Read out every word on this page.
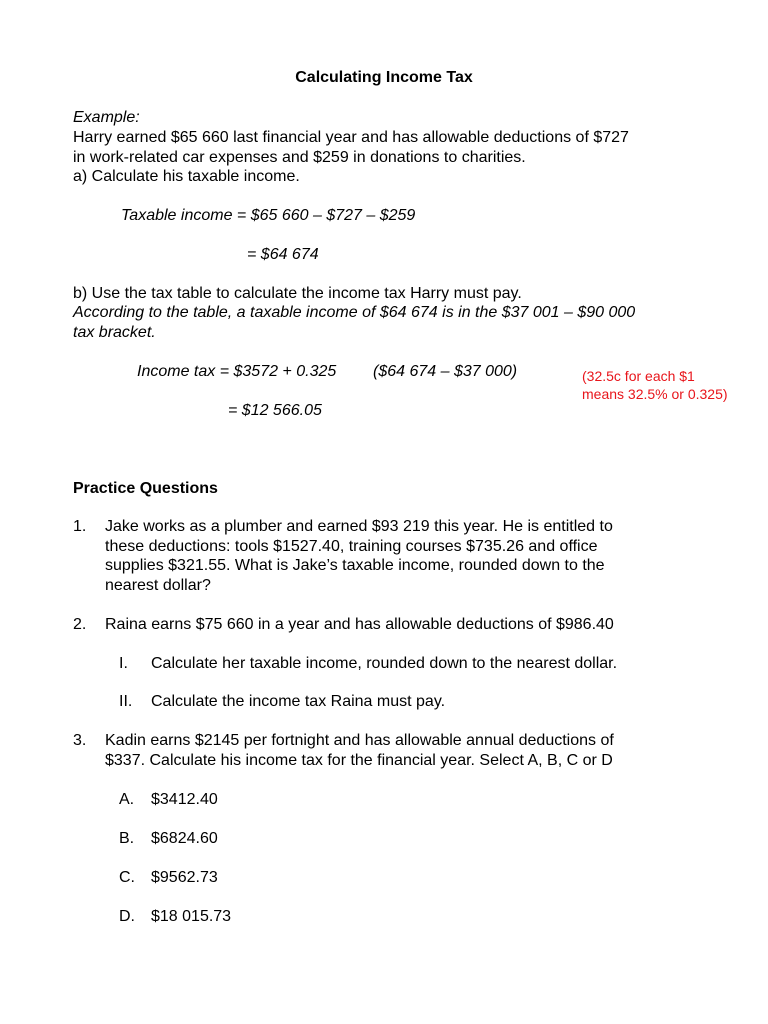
Calculating Income Tax
Example:
Harry earned $65 660 last financial year and has allowable deductions of $727
in work-related car expenses and $259 in donations to charities.
a) Calculate his taxable income.
Taxable income = $65 660 – $727 – $259
= $64 674
b) Use the tax table to calculate the income tax Harry must pay.
According to the table, a taxable income of $64 674 is in the $37 001 – $90 000
tax bracket.
Income tax = $3572 + 0.325 ($64 674 – $37 000)
= $12 566.05
(32.5c for each $1
means 32.5% or 0.325)
Practice Questions
1. Jake works as a plumber and earned $93 219 this year. He is entitled to
these deductions: tools $1527.40, training courses $735.26 and office
supplies $321.55. What is Jake’s taxable income, rounded down to the
nearest dollar?
2. Raina earns $75 660 in a year and has allowable deductions of $986.40
I. Calculate her taxable income, rounded down to the nearest dollar.
II. Calculate the income tax Raina must pay.
3. Kadin earns $2145 per fortnight and has allowable annual deductions of
$337. Calculate his income tax for the financial year. Select A, B, C or D
A. $3412.40
B. $6824.60
C. $9562.73
D. $18 015.73
